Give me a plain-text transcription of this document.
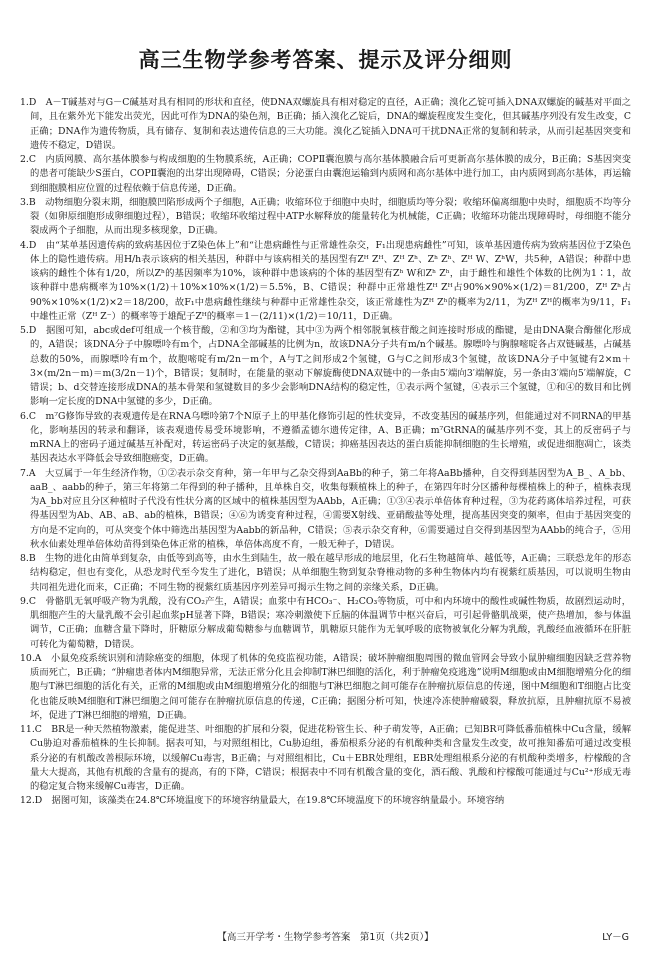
高三生物学参考答案、提示及评分细则

1.D　A－T碱基对与G－C碱基对具有相同的形状和直径，使DNA双螺旋具有相对稳定的直径，A正确；溴化乙锭可插入DNA双螺旋的碱基对平面之间，且在紫外光下能发出荧光，因此可作为DNA的染色剂，B正确；插入溴化乙锭后，DNA的螺旋程度发生变化，但其碱基序列没有发生改变，C正确；DNA作为遗传物质，具有储存、复制和表达遗传信息的三大功能。溴化乙锭插入DNA可干扰DNA正常的复制和转录，从而引起基因突变和遗传不稳定，D错误。

2.C　内质网膜、高尔基体膜参与构成细胞的生物膜系统，A正确；COPⅡ囊泡膜与高尔基体膜融合后可更新高尔基体膜的成分，B正确；S基因突变的患者可能缺少S蛋白，COPⅡ囊泡的出芽出现障碍，C错误；分泌蛋白由囊泡运输到内质网和高尔基体中进行加工，由内质网到高尔基体，再运输到细胞膜相应位置的过程依赖于信息传递，D正确。

3.B　动物细胞分裂末期，细胞膜凹陷形成两个子细胞，A正确；收缩环位于细胞中央时，细胞质均等分裂；收缩环偏离细胞中央时，细胞质不均等分裂（如卵原细胞形成卵细胞过程），B错误；收缩环收缩过程中ATP水解释放的能量转化为机械能，C正确；收缩环功能出现障碍时，母细胞不能分裂成两个子细胞，从而出现多核现象，D正确。

4.D　由“某单基因遗传病的致病基因位于Z染色体上”和“让患病雌性与正常雄性杂交，F₁出现患病雌性”可知，该单基因遗传病为致病基因位于Z染色体上的隐性遗传病。用H/h表示该病的相关基因，种群中与该病相关的基因型有Zᴴ Zᴴ、Zᴴ Zʰ、Zʰ Zʰ、Zᴴ W、ZʰW，共5种，A错误；种群中患该病的雌性个体有1/20，所以Zʰ的基因频率为10%，该种群中患该病的个体的基因型有Zʰ W和Zʰ Zʰ，由于雌性和雄性个体数的比例为1∶1，故该种群中患病概率为10%×(1/2)＋10%×10%×(1/2)＝5.5%，B、C错误；种群中正常雄性Zᴴ Zᴴ占90%×90%×(1/2)＝81/200，Zᴴ Zʰ占90%×10%×(1/2)×2＝18/200，故F₁中患病雌性继续与种群中正常雄性杂交，该正常雄性为Zᴴ Zʰ的概率为2/11，为Zᴴ Zᴴ的概率为9/11，F₁中雄性正常（Zᴴ Z⁻）的概率等于雄配子Zᴴ的概率＝1－(2/11)×(1/2)＝10/11，D正确。

5.D　据图可知，abc或def可组成一个核苷酸，②和③均为酯键，其中③为两个相邻脱氧核苷酸之间连接时形成的酯键，是由DNA聚合酶催化形成的，A错误；该DNA分子中腺嘌呤有m个，占DNA全部碱基的比例为n，故该DNA分子共有m/n个碱基。腺嘌呤与胸腺嘧啶各占双链碱基，占碱基总数的50%，而腺嘌呤有m个，故胞嘧啶有m/2n－m个，A与T之间形成2个氢键，G与C之间形成3个氢键，故该DNA分子中氢键有2×m＋3×(m/2n－m)＝m(3/2n－1)个，B错误；复制时，在能量的驱动下解旋酶使DNA双链中的一条由5′端向3′端解旋，另一条由3′端向5′端解旋，C错误；b、d交替连接形成DNA的基本骨架和氢键数目的多少会影响DNA结构的稳定性，①表示两个氢键，④表示三个氢键，①和④的数目和比例影响一定长度的DNA中氢键的多少，D正确。

6.C　m⁷G修饰导致的表观遗传是在RNA乌嘌呤第7个N原子上的甲基化修饰引起的性状变异，不改变基因的碱基序列，但能通过对不同RNA的甲基化，影响基因的转录和翻译，该表观遗传易受环境影响，不遵循孟德尔遗传定律，A、B正确；m⁷GtRNA的碱基序列不变，其上的反密码子与mRNA上的密码子通过碱基互补配对，转运密码子决定的氨基酸，C错误；抑癌基因表达的蛋白质能抑制细胞的生长增殖，或促进细胞凋亡，该类基因表达水平降低会导致细胞癌变，D正确。

7.A　大豆属于一年生经济作物，①②表示杂交育种，第一年甲与乙杂交得到AaBb的种子，第二年将AaBb播种，自交得到基因型为A_B_、A_bb、aaB_、aabb的种子，第三年将第二年得到的种子播种，且单株自交，收集每颗植株上的种子，在第四年时分区播种每棵植株上的种子，植株表现为A_bb对应且分区种植时子代没有性状分离的区域中的植株基因型为AAbb，A正确；①③④表示单倍体育种过程，③为花药离体培养过程，可获得基因型为Ab、AB、aB、ab的植株，B错误；④⑥为诱变育种过程，④需要X射线、亚硝酸盐等处理，提高基因突变的频率，但由于基因突变的方向是不定向的，可从突变个体中筛选出基因型为Aabb的新品种，C错误；⑤表示杂交育种，⑥需要通过自交得到基因型为AAbb的纯合子，⑤用秋水仙素处理单倍体幼苗得到染色体正常的植株，单倍体高度不育，一般无种子，D错误。

8.B　生物的进化由简单到复杂，由低等到高等，由水生到陆生，故一般在越早形成的地层里，化石生物越简单、越低等，A正确；三联恐龙年的形态结构稳定，但也有变化，从恐龙时代至今发生了进化，B错误；从单细胞生物到复杂脊椎动物的多种生物体内均有视紫红质基因，可以说明生物由共同祖先进化而来，C正确；不同生物的视紫红质基因序列差异可揭示生物之间的亲缘关系，D正确。

9.C　骨骼肌无氧呼吸产物为乳酸，没有CO₂产生，A错误；血浆中有HCO₃⁻、H₂CO₃等物质，可中和内环境中的酸性或碱性物质，故剧烈运动时，肌细胞产生的大量乳酸不会引起血浆pH显著下降，B错误；寒冷刺激使下丘脑的体温调节中枢兴奋后，可引起骨骼肌战栗，使产热增加，参与体温调节，C正确；血糖含量下降时，肝糖原分解成葡萄糖参与血糖调节，肌糖原只能作为无氧呼吸的底物被氧化分解为乳酸，乳酸经血液循环在肝脏可转化为葡萄糖，D错误。

10.A　小鼠免疫系统识别和清除癌变的细胞，体现了机体的免疫监视功能，A错误；破坏肿瘤细胞周围的微血管网会导致小鼠肿瘤细胞因缺乏营养物质而死亡，B正确；“肿瘤患者体内M细胞异常，无法正常分化且会抑制T淋巴细胞的活化，利于肿瘤免疫逃逸”说明M细胞或由M细胞增殖分化的细胞与T淋巴细胞的活化有关，正常的M细胞或由M细胞增殖分化的细胞与T淋巴细胞之间可能存在肿瘤抗原信息的传递，图中M细胞和T细胞占比变化也能反映M细胞和T淋巴细胞之间可能存在肿瘤抗原信息的传递，C正确；据图分析可知，快速冷冻使肿瘤破裂，释放抗原，且肿瘤抗原不易被坏，促进了T淋巴细胞的增殖，D正确。

11.C　BR是一种天然植物激素，能促进茎、叶细胞的扩展和分裂，促进花粉管生长、种子萌发等，A正确；已知BR可降低番茄植株中Cu含量，缓解Cu胁迫对番茄植株的生长抑制。据表可知，与对照组相比，Cu胁迫组，番茄根系分泌的有机酸种类和含量发生改变，故可推知番茄可通过改变根系分泌的有机酸改善根际环境，以缓解Cu毒害，B正确；与对照组相比，Cu＋EBR处理组，EBR处理组根系分泌的有机酸种类增多，柠檬酸的含量大大提高，其他有机酸的含量有的提高，有的下降，C错误；根据表中不同有机酸含量的变化，酒石酸、乳酸和柠檬酸可能通过与Cu²⁺形成无毒的稳定复合物来缓解Cu毒害，D正确。

12.D　据图可知，该藻类在24.8℃环境温度下的环境容纳量最大，在19.8℃环境温度下的环境容纳量最小。环境容纳

【高三开学考・生物学参考答案　第1页（共2页）】	LY－G
